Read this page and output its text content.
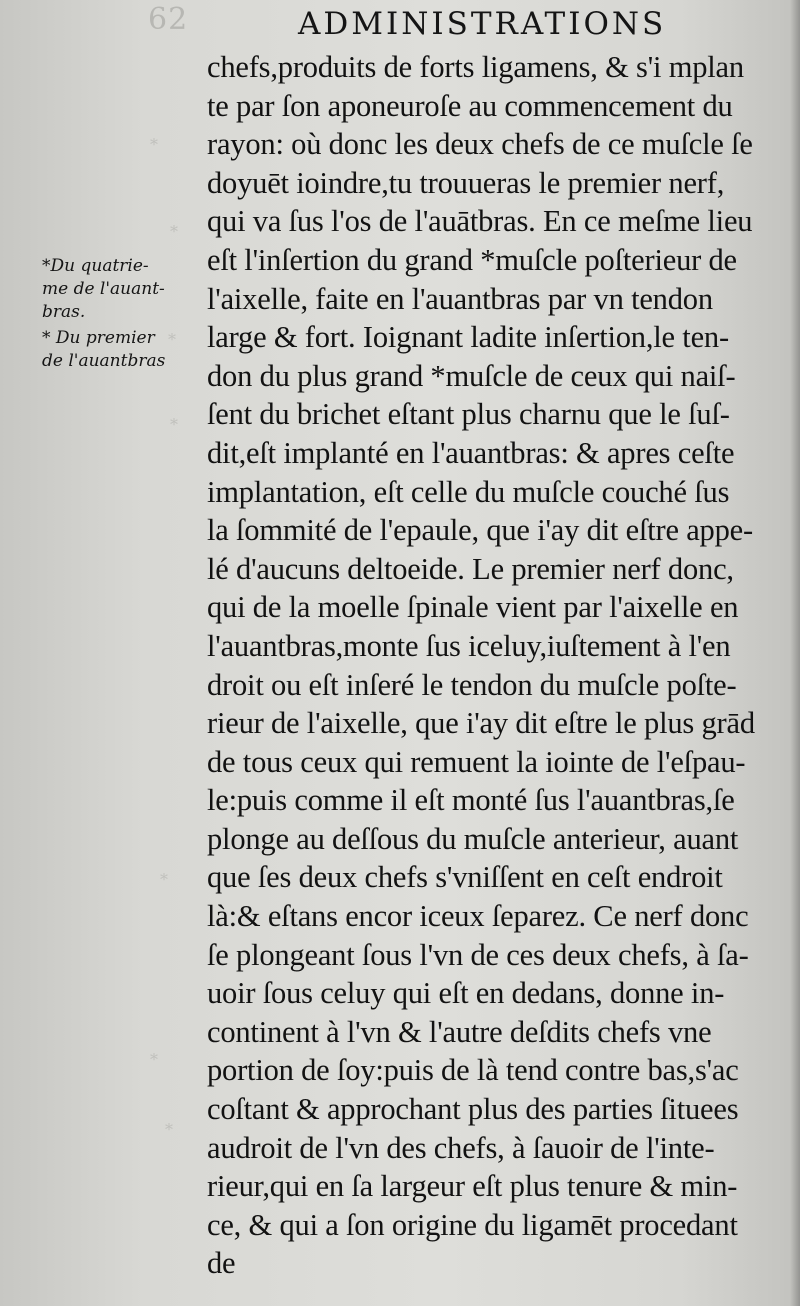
62	ADMINISTRATIONS
*
*
*
*
*
*
*
*Du quatrie-
me de l'auant-
bras.
* Du premier
de l'auantbras
chefs,produits de forts ligamens, & s'i mplan
te par ſon aponeuroſe au commencement du
rayon: où donc les deux chefs de ce muſcle ſe
doyuēt ioindre,tu trouueras le premier nerf,
qui va ſus l'os de l'auātbras. En ce meſme lieu
eſt l'inſertion du grand *muſcle poſterieur de
l'aixelle, faite en l'auantbras par vn tendon
large & fort. Ioignant ladite inſertion,le ten-
don du plus grand *muſcle de ceux qui naiſ-
ſent du brichet eſtant plus charnu que le ſuſ-
dit,eſt implanté en l'auantbras: & apres ceſte
implantation, eſt celle du muſcle couché ſus
la ſommité de l'epaule, que i'ay dit eſtre appe-
lé d'aucuns deltoeide. Le premier nerf donc,
qui de la moelle ſpinale vient par l'aixelle en
l'auantbras,monte ſus iceluy,iuſtement à l'en
droit ou eſt inſeré le tendon du muſcle poſte-
rieur de l'aixelle, que i'ay dit eſtre le plus grād
de tous ceux qui remuent la iointe de l'eſpau-
le:puis comme il eſt monté ſus l'auantbras,ſe
plonge au deſſous du muſcle anterieur, auant
que ſes deux chefs s'vniſſent en ceſt endroit
là:& eſtans encor iceux ſeparez. Ce nerf donc
ſe plongeant ſous l'vn de ces deux chefs, à ſa-
uoir ſous celuy qui eſt en dedans, donne in-
continent à l'vn & l'autre deſdits chefs vne
portion de ſoy:puis de là tend contre bas,s'ac
coſtant & approchant plus des parties ſituees
audroit de l'vn des chefs, à ſauoir de l'inte-
rieur,qui en ſa largeur eſt plus tenure & min-
ce, & qui a ſon origine du ligamēt procedant
de
